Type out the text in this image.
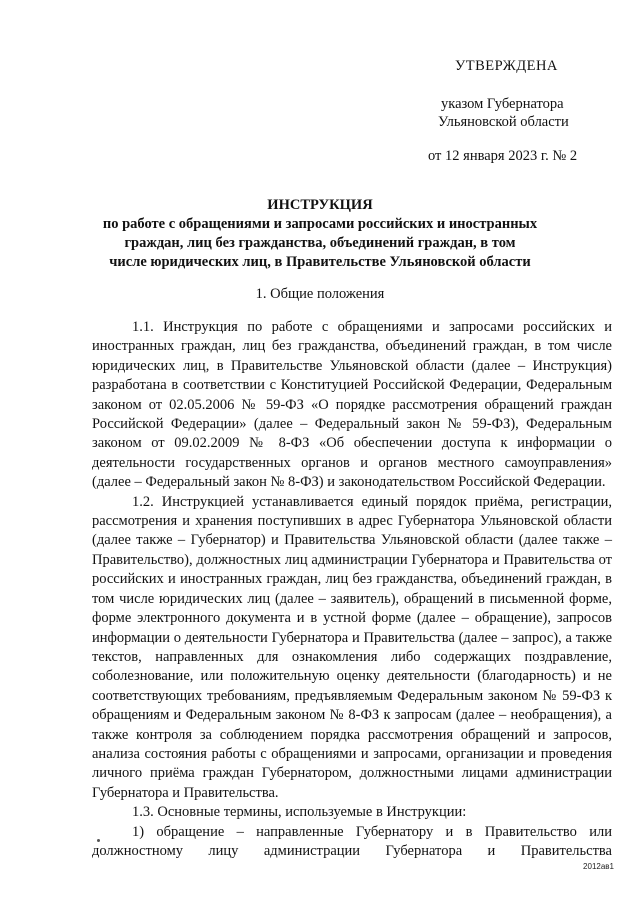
УТВЕРЖДЕНА
указом Губернатора
Ульяновской области
от 12 января 2023 г. № 2
ИНСТРУКЦИЯ
по работе с обращениями и запросами российских и иностранных
граждан, лиц без гражданства, объединений граждан, в том
числе юридических лиц, в Правительстве Ульяновской области
1. Общие положения

1.1. Инструкция по работе с обращениями и запросами российских и иностранных граждан, лиц без гражданства, объединений граждан, в том числе юридических лиц, в Правительстве Ульяновской области (далее – Инструкция) разработана в соответствии с Конституцией Российской Федерации, Федеральным законом от 02.05.2006 № 59-ФЗ «О порядке рассмотрения обращений граждан Российской Федерации» (далее – Федеральный закон № 59-ФЗ), Федеральным законом от 09.02.2009 № 8-ФЗ «Об обеспечении доступа к информации о деятельности государственных органов и органов местного самоуправления» (далее – Федеральный закон № 8-ФЗ) и законодательством Российской Федерации.

1.2. Инструкцией устанавливается единый порядок приёма, регистрации, рассмотрения и хранения поступивших в адрес Губернатора Ульяновской области (далее также – Губернатор) и Правительства Ульяновской области (далее также – Правительство), должностных лиц администрации Губернатора и Правительства от российских и иностранных граждан, лиц без гражданства, объединений граждан, в том числе юридических лиц (далее – заявитель), обращений в письменной форме, форме электронного документа и в устной форме (далее – обращение), запросов информации о деятельности Губернатора и Правительства (далее – запрос), а также текстов, направленных для ознакомления либо содержащих поздравление, соболезнование, или положительную оценку деятельности (благодарность) и не соответствующих требованиям, предъявляемым Федеральным законом № 59-ФЗ к обращениям и Федеральным законом № 8-ФЗ к запросам (далее – необращения), а также контроля за соблюдением порядка рассмотрения обращений и запросов, анализа состояния работы с обращениями и запросами, организации и проведения личного приёма граждан Губернатором, должностными лицами администрации Губернатора и Правительства.

1.3. Основные термины, используемые в Инструкции:

1) обращение – направленные Губернатору и в Правительство или должностному лицу администрации Губернатора и Правительства

2012ав1
